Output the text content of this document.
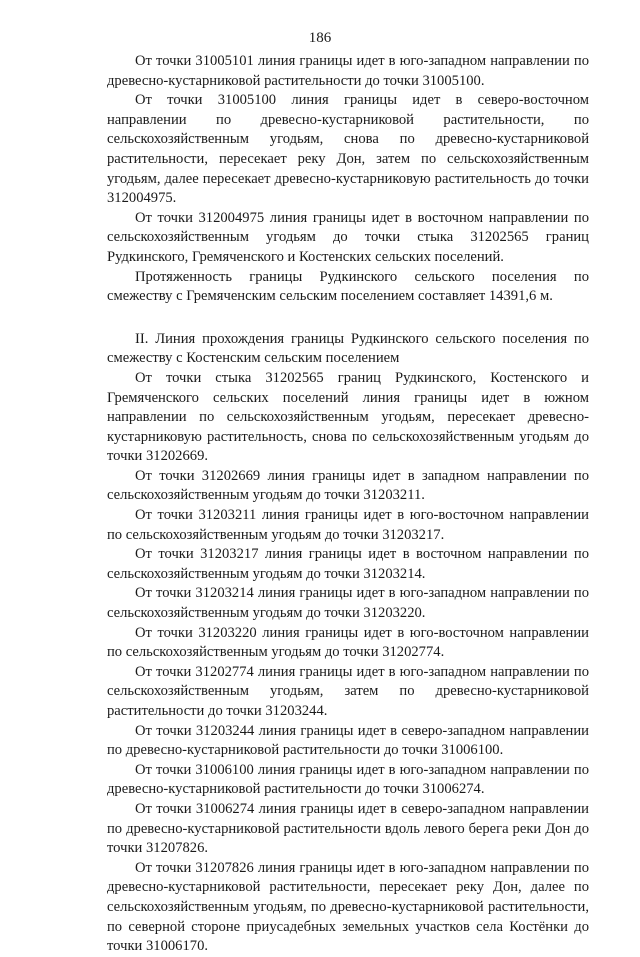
186

От точки 31005101 линия границы идет в юго-западном направлении по древесно-кустарниковой растительности до точки 31005100.

От точки 31005100 линия границы идет в северо-восточном направлении по древесно-кустарниковой растительности, по сельскохозяйственным угодьям, снова по древесно-кустарниковой растительности, пересекает реку Дон, затем по сельскохозяйственным угодьям, далее пересекает древесно-кустарниковую растительность до точки 312004975.

От точки 312004975 линия границы идет в восточном направлении по сельскохозяйственным угодьям до точки стыка 31202565 границ Рудкинского, Гремяченского и Костенских сельских поселений.

Протяженность границы Рудкинского сельского поселения по смежеству с Гремяченским сельским поселением составляет 14391,6 м.

II. Линия прохождения границы Рудкинского сельского поселения по смежеству с Костенским сельским поселением

От точки стыка 31202565 границ Рудкинского, Костенского и Гремяченского сельских поселений линия границы идет в южном направлении по сельскохозяйственным угодьям, пересекает древесно-кустарниковую растительность, снова по сельскохозяйственным угодьям до точки 31202669.

От точки 31202669 линия границы идет в западном направлении по сельскохозяйственным угодьям до точки 31203211.

От точки 31203211 линия границы идет в юго-восточном направлении по сельскохозяйственным угодьям до точки 31203217.

От точки 31203217 линия границы идет в восточном направлении по сельскохозяйственным угодьям до точки 31203214.

От точки 31203214 линия границы идет в юго-западном направлении по сельскохозяйственным угодьям до точки 31203220.

От точки 31203220 линия границы идет в юго-восточном направлении по сельскохозяйственным угодьям до точки 31202774.

От точки 31202774 линия границы идет в юго-западном направлении по сельскохозяйственным угодьям, затем по древесно-кустарниковой растительности до точки 31203244.

От точки 31203244 линия границы идет в северо-западном направлении по древесно-кустарниковой растительности до точки 31006100.

От точки 31006100 линия границы идет в юго-западном направлении по древесно-кустарниковой растительности до точки 31006274.

От точки 31006274 линия границы идет в северо-западном направлении по древесно-кустарниковой растительности вдоль левого берега реки Дон до точки 31207826.

От точки 31207826 линия границы идет в юго-западном направлении по древесно-кустарниковой растительности, пересекает реку Дон, далее по сельскохозяйственным угодьям, по древесно-кустарниковой растительности, по северной стороне приусадебных земельных участков села Костёнки до точки 31006170.
